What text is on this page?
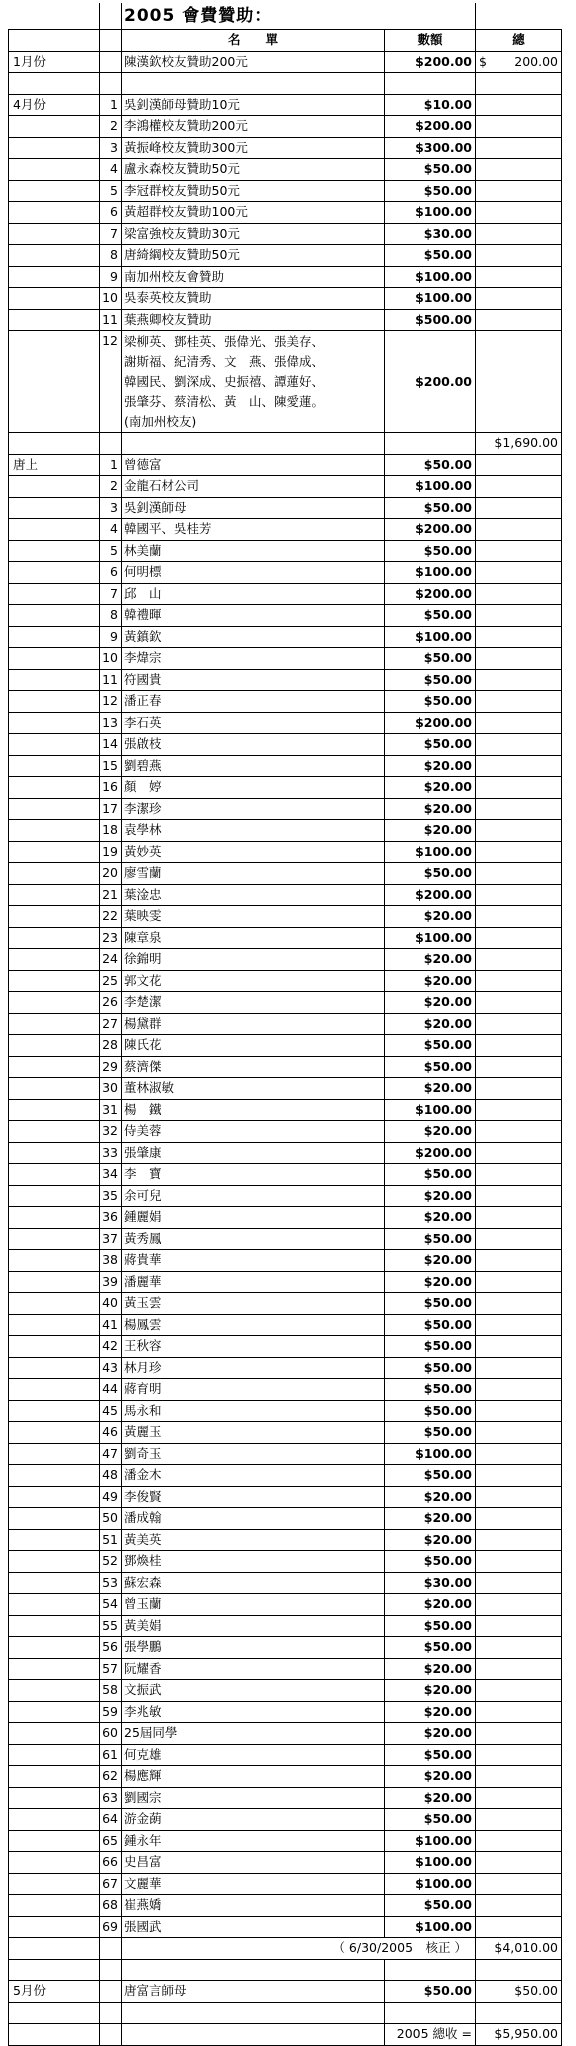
		2005 會費贊助：		
		名　　單	數額	總
1月份		陳漢欽校友贊助200元	$200.00	$ 200.00

4月份	1	吳釗漢師母贊助10元	$10.00	
	2	李鴻權校友贊助200元	$200.00	
	3	黃振峰校友贊助300元	$300.00	
	4	盧永森校友贊助50元	$50.00	
	5	李冠群校友贊助50元	$50.00	
	6	黃超群校友贊助100元	$100.00	
	7	梁富強校友贊助30元	$30.00	
	8	唐綺綱校友贊助50元	$50.00	
	9	南加州校友會贊助	$100.00	
	10	吳泰英校友贊助	$100.00	
	11	葉燕卿校友贊助	$500.00	
	12	梁柳英、鄧桂英、張偉光、張美存、
謝斯福、紀清秀、文　燕、張偉成、
韓國民、劉深成、史振禧、譚蓮好、
張肇芬、蔡清松、黃　山、陳愛蓮。
(南加州校友)	$200.00	
				$1,690.00
唐上	1	曾德富	$50.00	
	2	金龍石材公司	$100.00	
	3	吳釗漢師母	$50.00	
	4	韓國平、吳桂芳	$200.00	
	5	林美蘭	$50.00	
	6	何明標	$100.00	
	7	邱　山	$200.00	
	8	韓禮暉	$50.00	
	9	黃鎮欽	$100.00	
	10	李煒宗	$50.00	
	11	符國貴	$50.00	
	12	潘正春	$50.00	
	13	李石英	$200.00	
	14	張啟枝	$50.00	
	15	劉碧燕	$20.00	
	16	顏　婷	$20.00	
	17	李潔珍	$20.00	
	18	袁學林	$20.00	
	19	黃妙英	$100.00	
	20	廖雪蘭	$50.00	
	21	葉淦忠	$200.00	
	22	葉映雯	$20.00	
	23	陳章泉	$100.00	
	24	徐錦明	$20.00	
	25	郭文花	$20.00	
	26	李楚潔	$20.00	
	27	楊黛群	$20.00	
	28	陳氏花	$50.00	
	29	蔡濟傑	$50.00	
	30	董林淑敏	$20.00	
	31	楊　鐵	$100.00	
	32	侍美蓉	$20.00	
	33	張肇康	$200.00	
	34	李　寶	$50.00	
	35	余可兒	$20.00	
	36	鍾麗娟	$20.00	
	37	黃秀鳳	$50.00	
	38	蔣貴華	$20.00	
	39	潘麗華	$20.00	
	40	黃玉雲	$50.00	
	41	楊鳳雲	$50.00	
	42	王秋容	$50.00	
	43	林月珍	$50.00	
	44	蔣育明	$50.00	
	45	馬永和	$50.00	
	46	黃麗玉	$50.00	
	47	劉奇玉	$100.00	
	48	潘金木	$50.00	
	49	李俊賢	$20.00	
	50	潘成翰	$20.00	
	51	黃美英	$20.00	
	52	鄧煥桂	$50.00	
	53	蘇宏森	$30.00	
	54	曾玉蘭	$20.00	
	55	黃美娟	$50.00	
	56	張學鵬	$50.00	
	57	阮耀香	$20.00	
	58	文振武	$20.00	
	59	李兆敏	$20.00	
	60	25屆同學	$20.00	
	61	何克雄	$50.00	
	62	楊應輝	$20.00	
	63	劉國宗	$20.00	
	64	游金蓢	$50.00	
	65	鍾永年	$100.00	
	66	史昌富	$100.00	
	67	文麗華	$100.00	
	68	崔燕嬌	$50.00	
	69	張國武	$100.00	
		（ 6/30/2005　核正 ）		$4,010.00

5月份		唐富言師母	$50.00	$50.00

			2005 總收 =	$5,950.00
